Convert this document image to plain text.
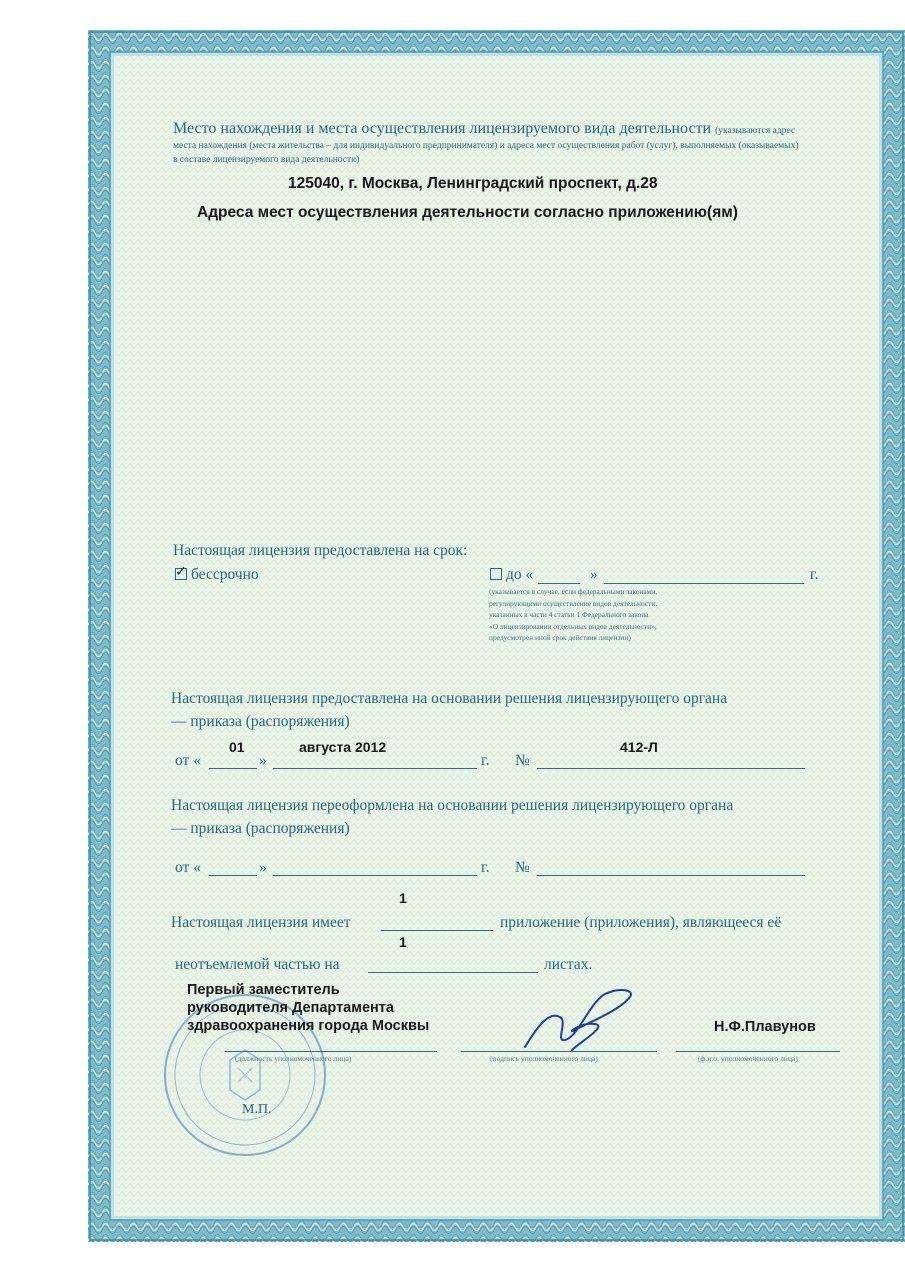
Место нахождения и места осуществления лицензируемого вида деятельности (указываются адрес
места нахождения (места жительства – для индивидуального предпринимателя) и адреса мест осуществления работ (услуг), выполняемых (оказываемых)
в составе лицензируемого вида деятельности)
125040, г. Москва, Ленинградский проспект, д.28
Адреса мест осуществления деятельности согласно приложению(ям)
Настоящая лицензия предоставлена на срок:
✓ бессрочно	до «	»	г.
(указывается в случае, если федеральными законами,
регулирующими осуществление видов деятельности,
указанных в части 4 статьи 1 Федерального закона
«О лицензировании отдельных видов деятельности»,
предусмотрен иной срок действия лицензии)
Настоящая лицензия предоставлена на основании решения лицензирующего органа
— приказа (распоряжения)
01	августа 2012	412-Л
от «	»	г. №
Настоящая лицензия переоформлена на основании решения лицензирующего органа
— приказа (распоряжения)
от «	»	г. №
1
Настоящая лицензия имеет	приложение (приложения), являющееся её
1
неотъемлемой частью на	листах.
Первый заместитель
руководителя Департамента
здравоохранения города Москвы	Н.Ф.Плавунов
(должность уполномоченного лица)	(подпись уполномоченного лица)	(ф.и.о. уполномоченного лица)
М.П.
